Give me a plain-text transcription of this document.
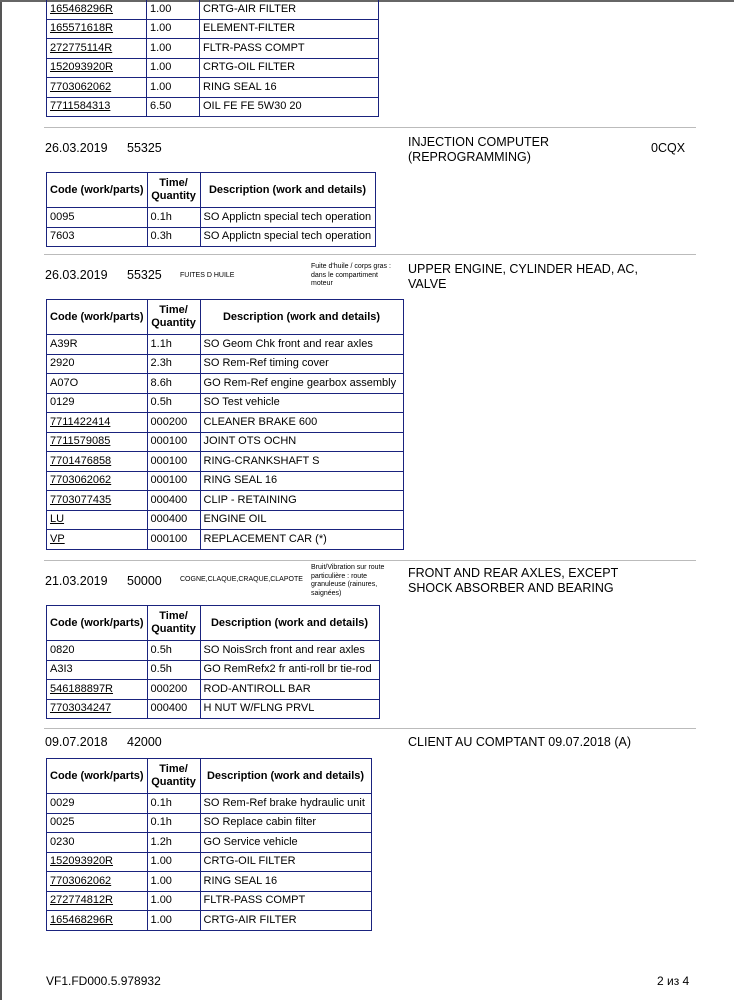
165468296R	1.00	CRTG-AIR FILTER
165571618R	1.00	ELEMENT-FILTER
272775114R	1.00	FLTR-PASS COMPT
152093920R	1.00	CRTG-OIL FILTER
7703062062	1.00	RING SEAL 16
7711584313	6.50	OIL FE FE 5W30 20
26.03.2019 55325	INJECTION COMPUTER (REPROGRAMMING)
0CQX
Code (work/parts)	Time/ Quantity	Description (work and details)
0095	0.1h	SO Applictn special tech operation
7603	0.3h	SO Applictn special tech operation
26.03.2019 55325	FUITES D HUILE
Fuite d'huile / corps gras : dans le compartiment moteur
UPPER ENGINE, CYLINDER HEAD, AC, VALVE
Code (work/parts)	Time/ Quantity	Description (work and details)
A39R	1.1h	SO Geom Chk front and rear axles
2920	2.3h	SO Rem-Ref timing cover
A07O	8.6h	GO Rem-Ref engine gearbox assembly
0129	0.5h	SO Test vehicle
7711422414	000200	CLEANER BRAKE 600
7711579085	000100	JOINT OTS OCHN
7701476858	000100	RING-CRANKSHAFT S
7703062062	000100	RING SEAL 16
7703077435	000400	CLIP - RETAINING
LU	000400	ENGINE OIL
VP	000100	REPLACEMENT CAR (*)
21.03.2019 50000	COGNE,CLAQUE,CRAQUE,CLAPOTE
Bruit/Vibration sur route particulière : route granuleuse (rainures, saignées)
FRONT AND REAR AXLES, EXCEPT SHOCK ABSORBER AND BEARING
Code (work/parts)	Time/ Quantity	Description (work and details)
0820	0.5h	SO NoisSrch front and rear axles
A3I3	0.5h	GO RemRefx2 fr anti-roll br tie-rod
546188897R	000200	ROD-ANTIROLL BAR
7703034247	000400	H NUT W/FLNG PRVL
09.07.2018 42000	CLIENT AU COMPTANT 09.07.2018 (A)
Code (work/parts)	Time/ Quantity	Description (work and details)
0029	0.1h	SO Rem-Ref brake hydraulic unit
0025	0.1h	SO Replace cabin filter
0230	1.2h	GO Service vehicle
152093920R	1.00	CRTG-OIL FILTER
7703062062	1.00	RING SEAL 16
272774812R	1.00	FLTR-PASS COMPT
165468296R	1.00	CRTG-AIR FILTER
VF1.FD000.5.978932	2 из 4
